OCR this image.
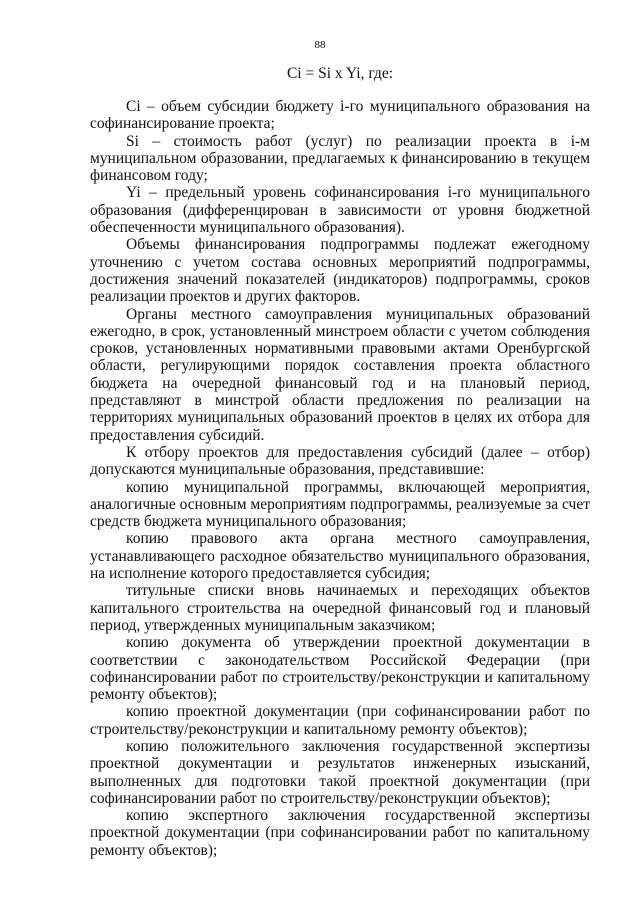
88
Ci = Si x Yi, где:

Ci – объем субсидии бюджету i-го муниципального образования на софинансирование проекта;

Si – стоимость работ (услуг) по реализации проекта в i-м муниципальном образовании, предлагаемых к финансированию в текущем финансовом году;

Yi – предельный уровень софинансирования i-го муниципального образования (дифференцирован в зависимости от уровня бюджетной обеспеченности муниципального образования).

Объемы финансирования подпрограммы подлежат ежегодному уточнению с учетом состава основных мероприятий подпрограммы, достижения значений показателей (индикаторов) подпрограммы, сроков реализации проектов и других факторов.

Органы местного самоуправления муниципальных образований ежегодно, в срок, установленный минстроем области с учетом соблюдения сроков, установленных нормативными правовыми актами Оренбургской области, регулирующими порядок составления проекта областного бюджета на очередной финансовый год и на плановый период, представляют в минстрой области предложения по реализации на территориях муниципальных образований проектов в целях их отбора для предоставления субсидий.

К отбору проектов для предоставления субсидий (далее – отбор) допускаются муниципальные образования, представившие:

копию муниципальной программы, включающей мероприятия, аналогичные основным мероприятиям подпрограммы, реализуемые за счет средств бюджета муниципального образования;

копию правового акта органа местного самоуправления, устанавливающего расходное обязательство муниципального образования, на исполнение которого предоставляется субсидия;

титульные списки вновь начинаемых и переходящих объектов капитального строительства на очередной финансовый год и плановый период, утвержденных муниципальным заказчиком;

копию документа об утверждении проектной документации в соответствии с законодательством Российской Федерации (при софинансировании работ по строительству/реконструкции и капитальному ремонту объектов);

копию проектной документации (при софинансировании работ по строительству/реконструкции и капитальному ремонту объектов);

копию положительного заключения государственной экспертизы проектной документации и результатов инженерных изысканий, выполненных для подготовки такой проектной документации (при софинансировании работ по строительству/реконструкции объектов);

копию экспертного заключения государственной экспертизы проектной документации (при софинансировании работ по капитальному ремонту объектов);
